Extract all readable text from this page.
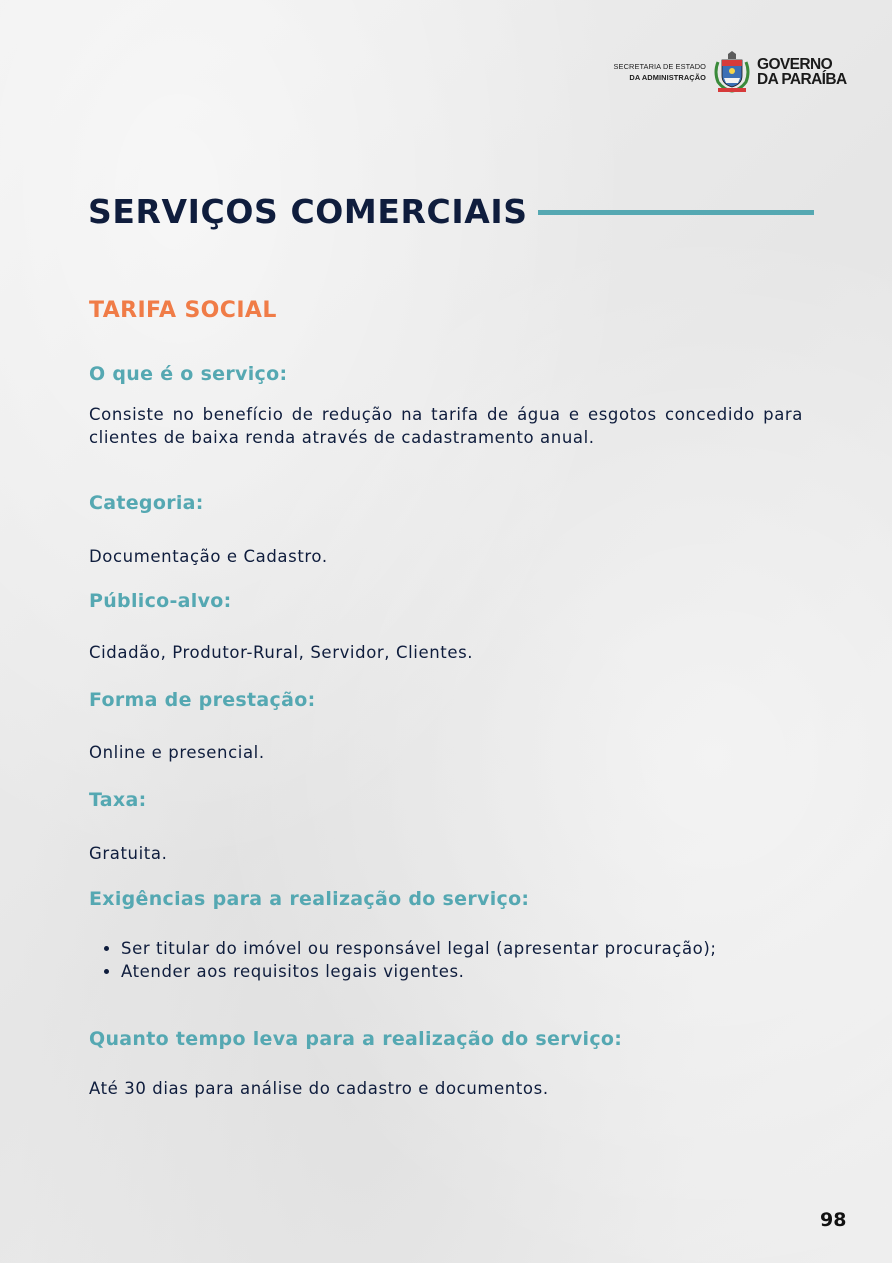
SECRETARIA DE ESTADO
DA ADMINISTRAÇÃO
GOVERNO
DA PARAÍBA
SERVIÇOS COMERCIAIS
TARIFA SOCIAL
O que é o serviço:
Consiste no benefício de redução na tarifa de água e esgotos concedido para clientes de baixa renda através de cadastramento anual.
Categoria:
Documentação e Cadastro.
Público-alvo:
Cidadão, Produtor-Rural, Servidor, Clientes.
Forma de prestação:
Online e presencial.
Taxa:
Gratuita.
Exigências para a realização do serviço:
• Ser titular do imóvel ou responsável legal (apresentar procuração);
• Atender aos requisitos legais vigentes.
Quanto tempo leva para a realização do serviço:
Até 30 dias para análise do cadastro e documentos.
98
